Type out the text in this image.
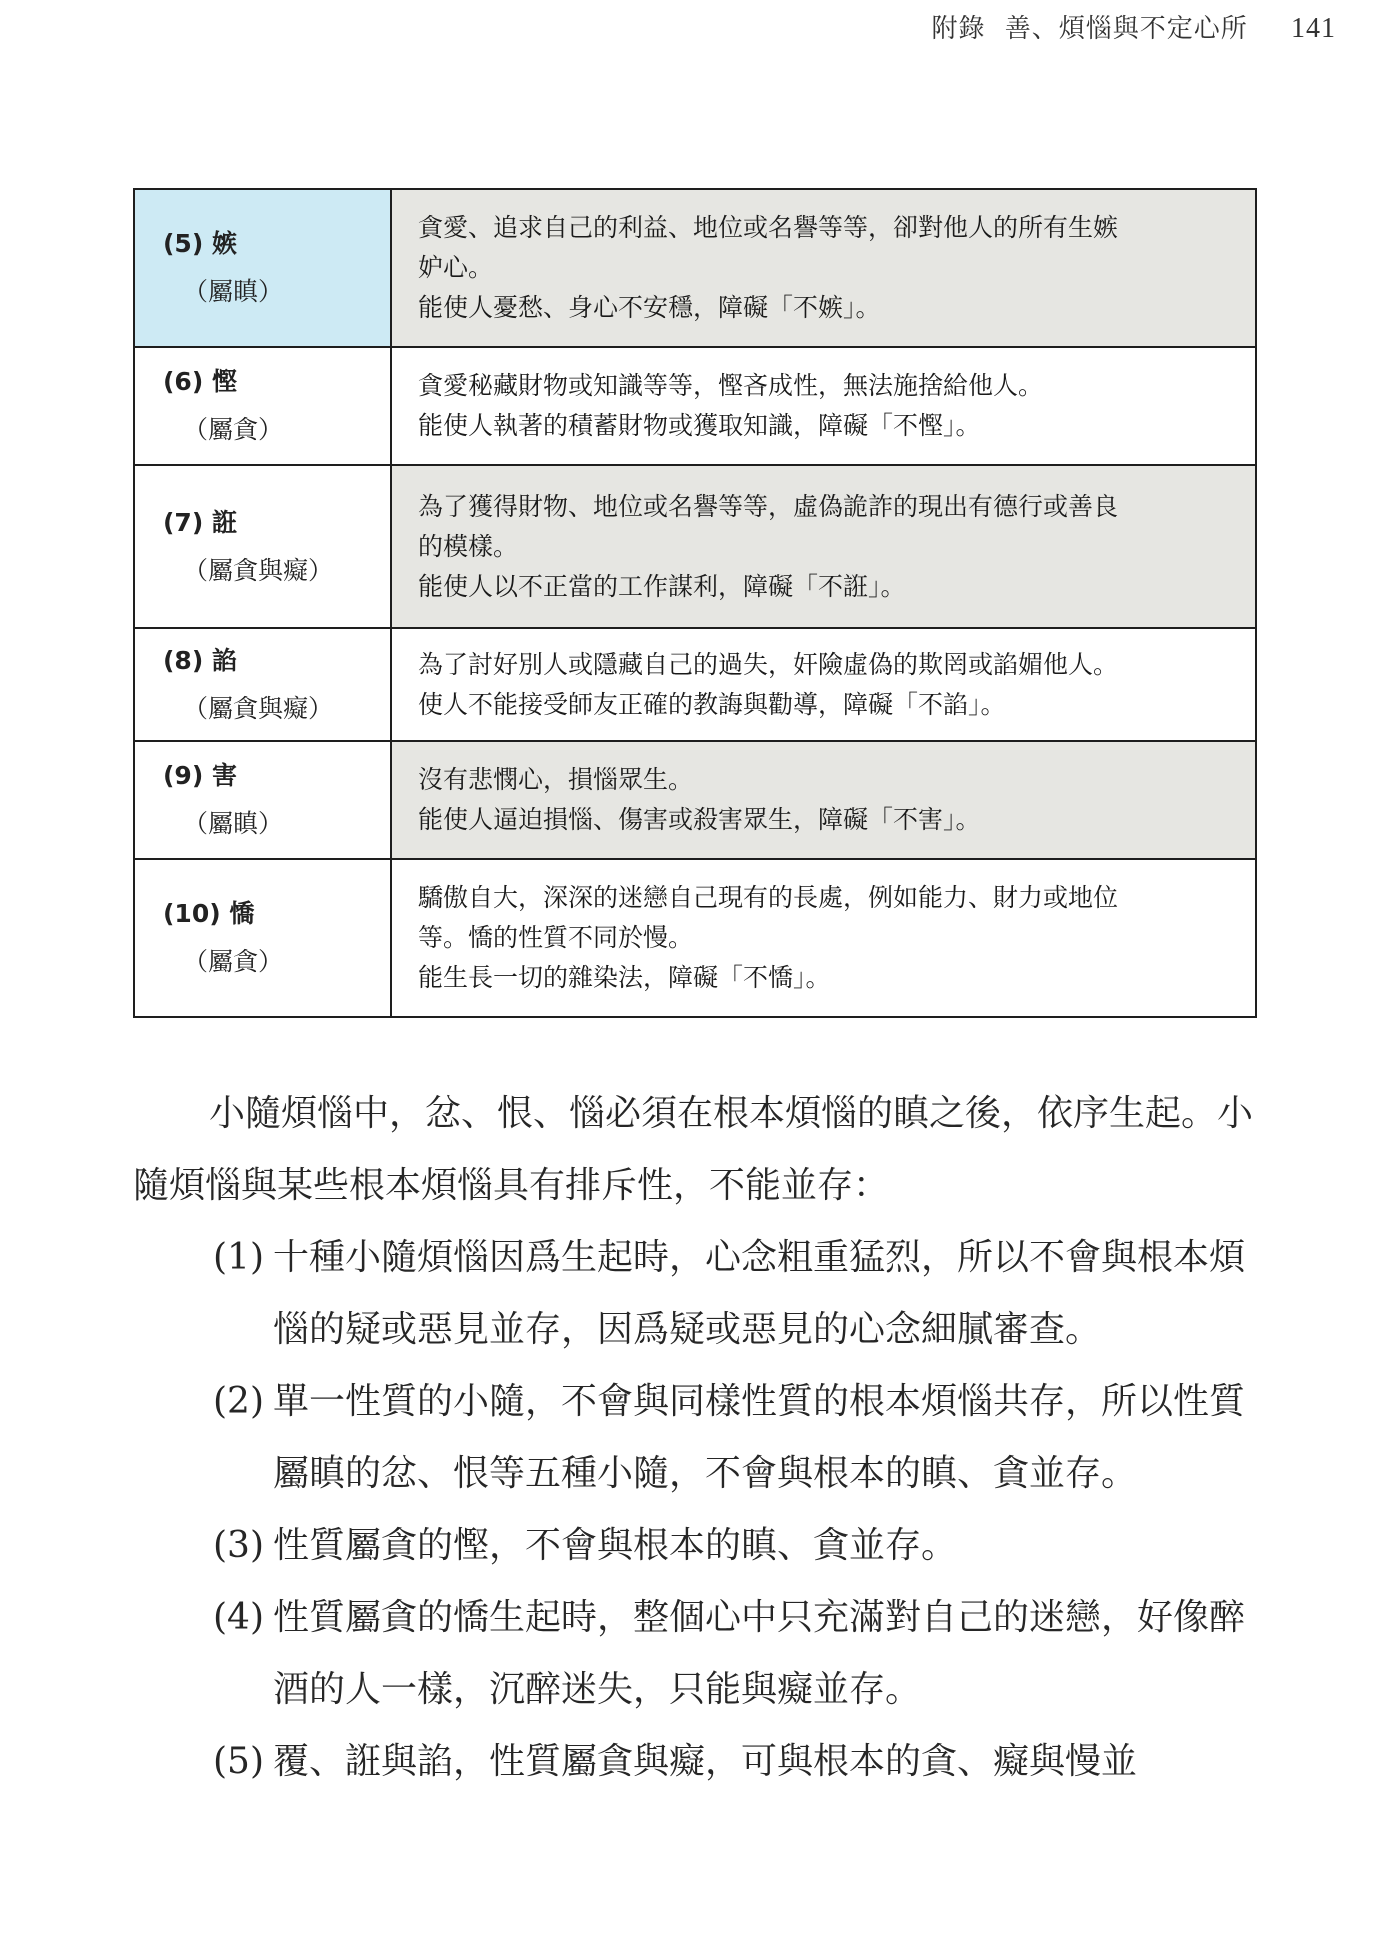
附錄 善、煩惱與不定心所 141
(5) 嫉
（屬瞋）	貪愛、追求自己的利益、地位或名譽等等，卻對他人的所有生嫉
妒心。
能使人憂愁、身心不安穩，障礙「不嫉」。

(6) 慳
（屬貪）	貪愛秘藏財物或知識等等，慳吝成性，無法施捨給他人。
能使人執著的積蓄財物或獲取知識，障礙「不慳」。

(7) 誑
（屬貪與癡）	為了獲得財物、地位或名譽等等，虛偽詭詐的現出有德行或善良
的模樣。
能使人以不正當的工作謀利，障礙「不誑」。

(8) 諂
（屬貪與癡）	為了討好別人或隱藏自己的過失，奸險虛偽的欺罔或諂媚他人。
使人不能接受師友正確的教誨與勸導，障礙「不諂」。

(9) 害
（屬瞋）	沒有悲憫心，損惱眾生。
能使人逼迫損惱、傷害或殺害眾生，障礙「不害」。

(10) 憍
（屬貪）	驕傲自大，深深的迷戀自己現有的長處，例如能力、財力或地位
等。憍的性質不同於慢。
能生長一切的雜染法，障礙「不憍」。

小隨煩惱中，忿、恨、惱必須在根本煩惱的瞋之後，依序生起。小隨煩惱與某些根本煩惱具有排斥性，不能並存：

(1) 十種小隨煩惱因爲生起時，心念粗重猛烈，所以不會與根本煩惱的疑或惡見並存，因爲疑或惡見的心念細膩審查。
(2) 單一性質的小隨，不會與同樣性質的根本煩惱共存，所以性質屬瞋的忿、恨等五種小隨，不會與根本的瞋、貪並存。
(3) 性質屬貪的慳，不會與根本的瞋、貪並存。
(4) 性質屬貪的憍生起時，整個心中只充滿對自己的迷戀，好像醉酒的人一樣，沉醉迷失，只能與癡並存。
(5) 覆、誑與諂，性質屬貪與癡，可與根本的貪、癡與慢並
